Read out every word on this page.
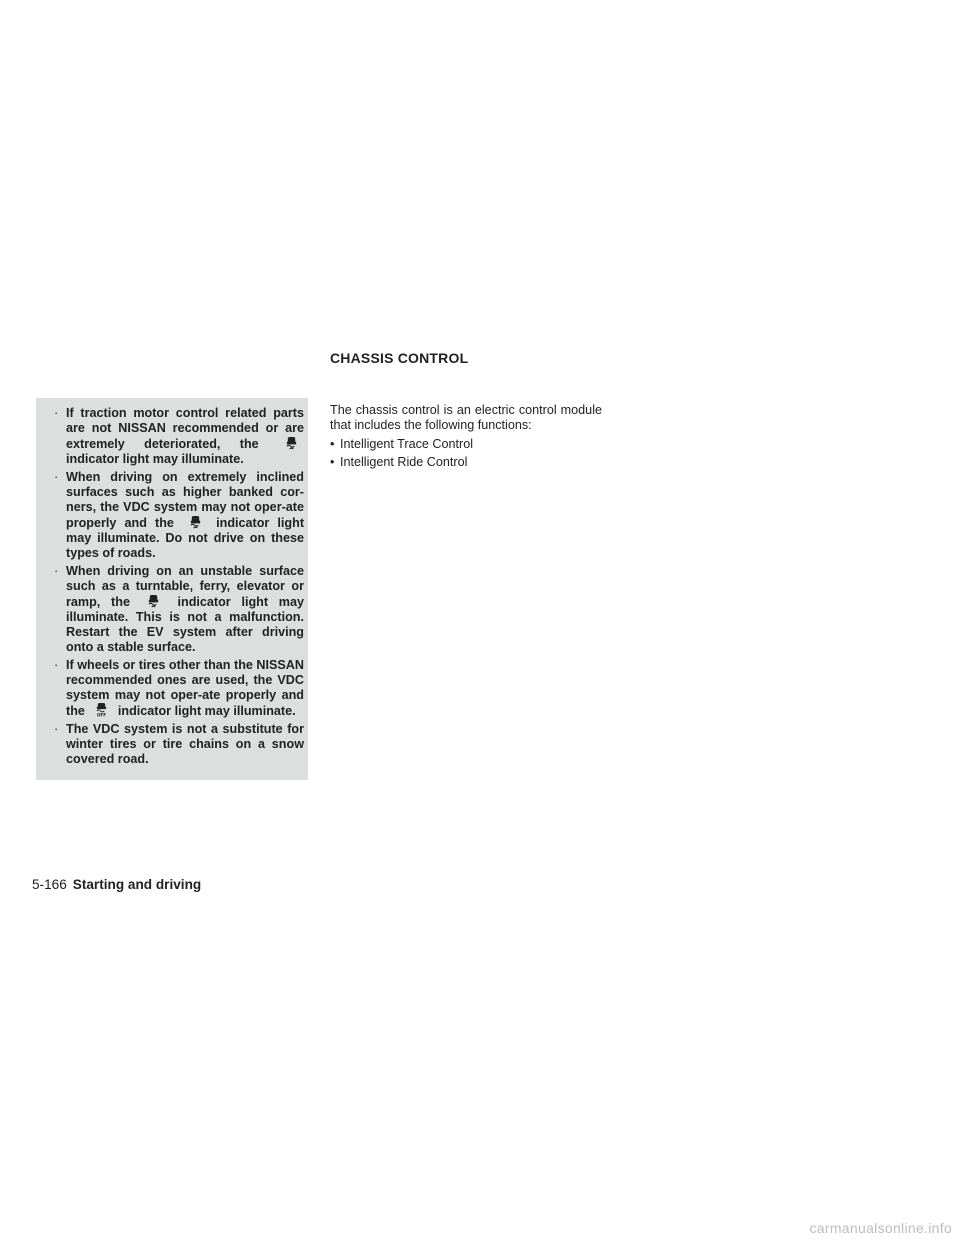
· If traction motor control related parts are not NISSAN recommended or are extremely deteriorated, the  indicator light may illuminate.
· When driving on extremely inclined surfaces such as higher banked cor-ners, the VDC system may not oper-ate properly and the	indicator light may illuminate. Do not drive on these types of roads.
· When driving on an unstable surface such as a turntable, ferry, elevator or ramp, the	indicator light may illuminate. This is not a malfunction. Restart the EV system after driving onto a stable surface.
· If wheels or tires other than the NISSAN recommended ones are used, the VDC system may not oper-ate properly and the	OFF indicator light may illuminate.
· The VDC system is not a substitute for winter tires or tire chains on a snow covered road.
CHASSIS CONTROL

The chassis control is an electric control module that includes the following functions:

• Intelligent Trace Control
• Intelligent Ride Control
5-166 Starting and driving
carmanualsonline.info
